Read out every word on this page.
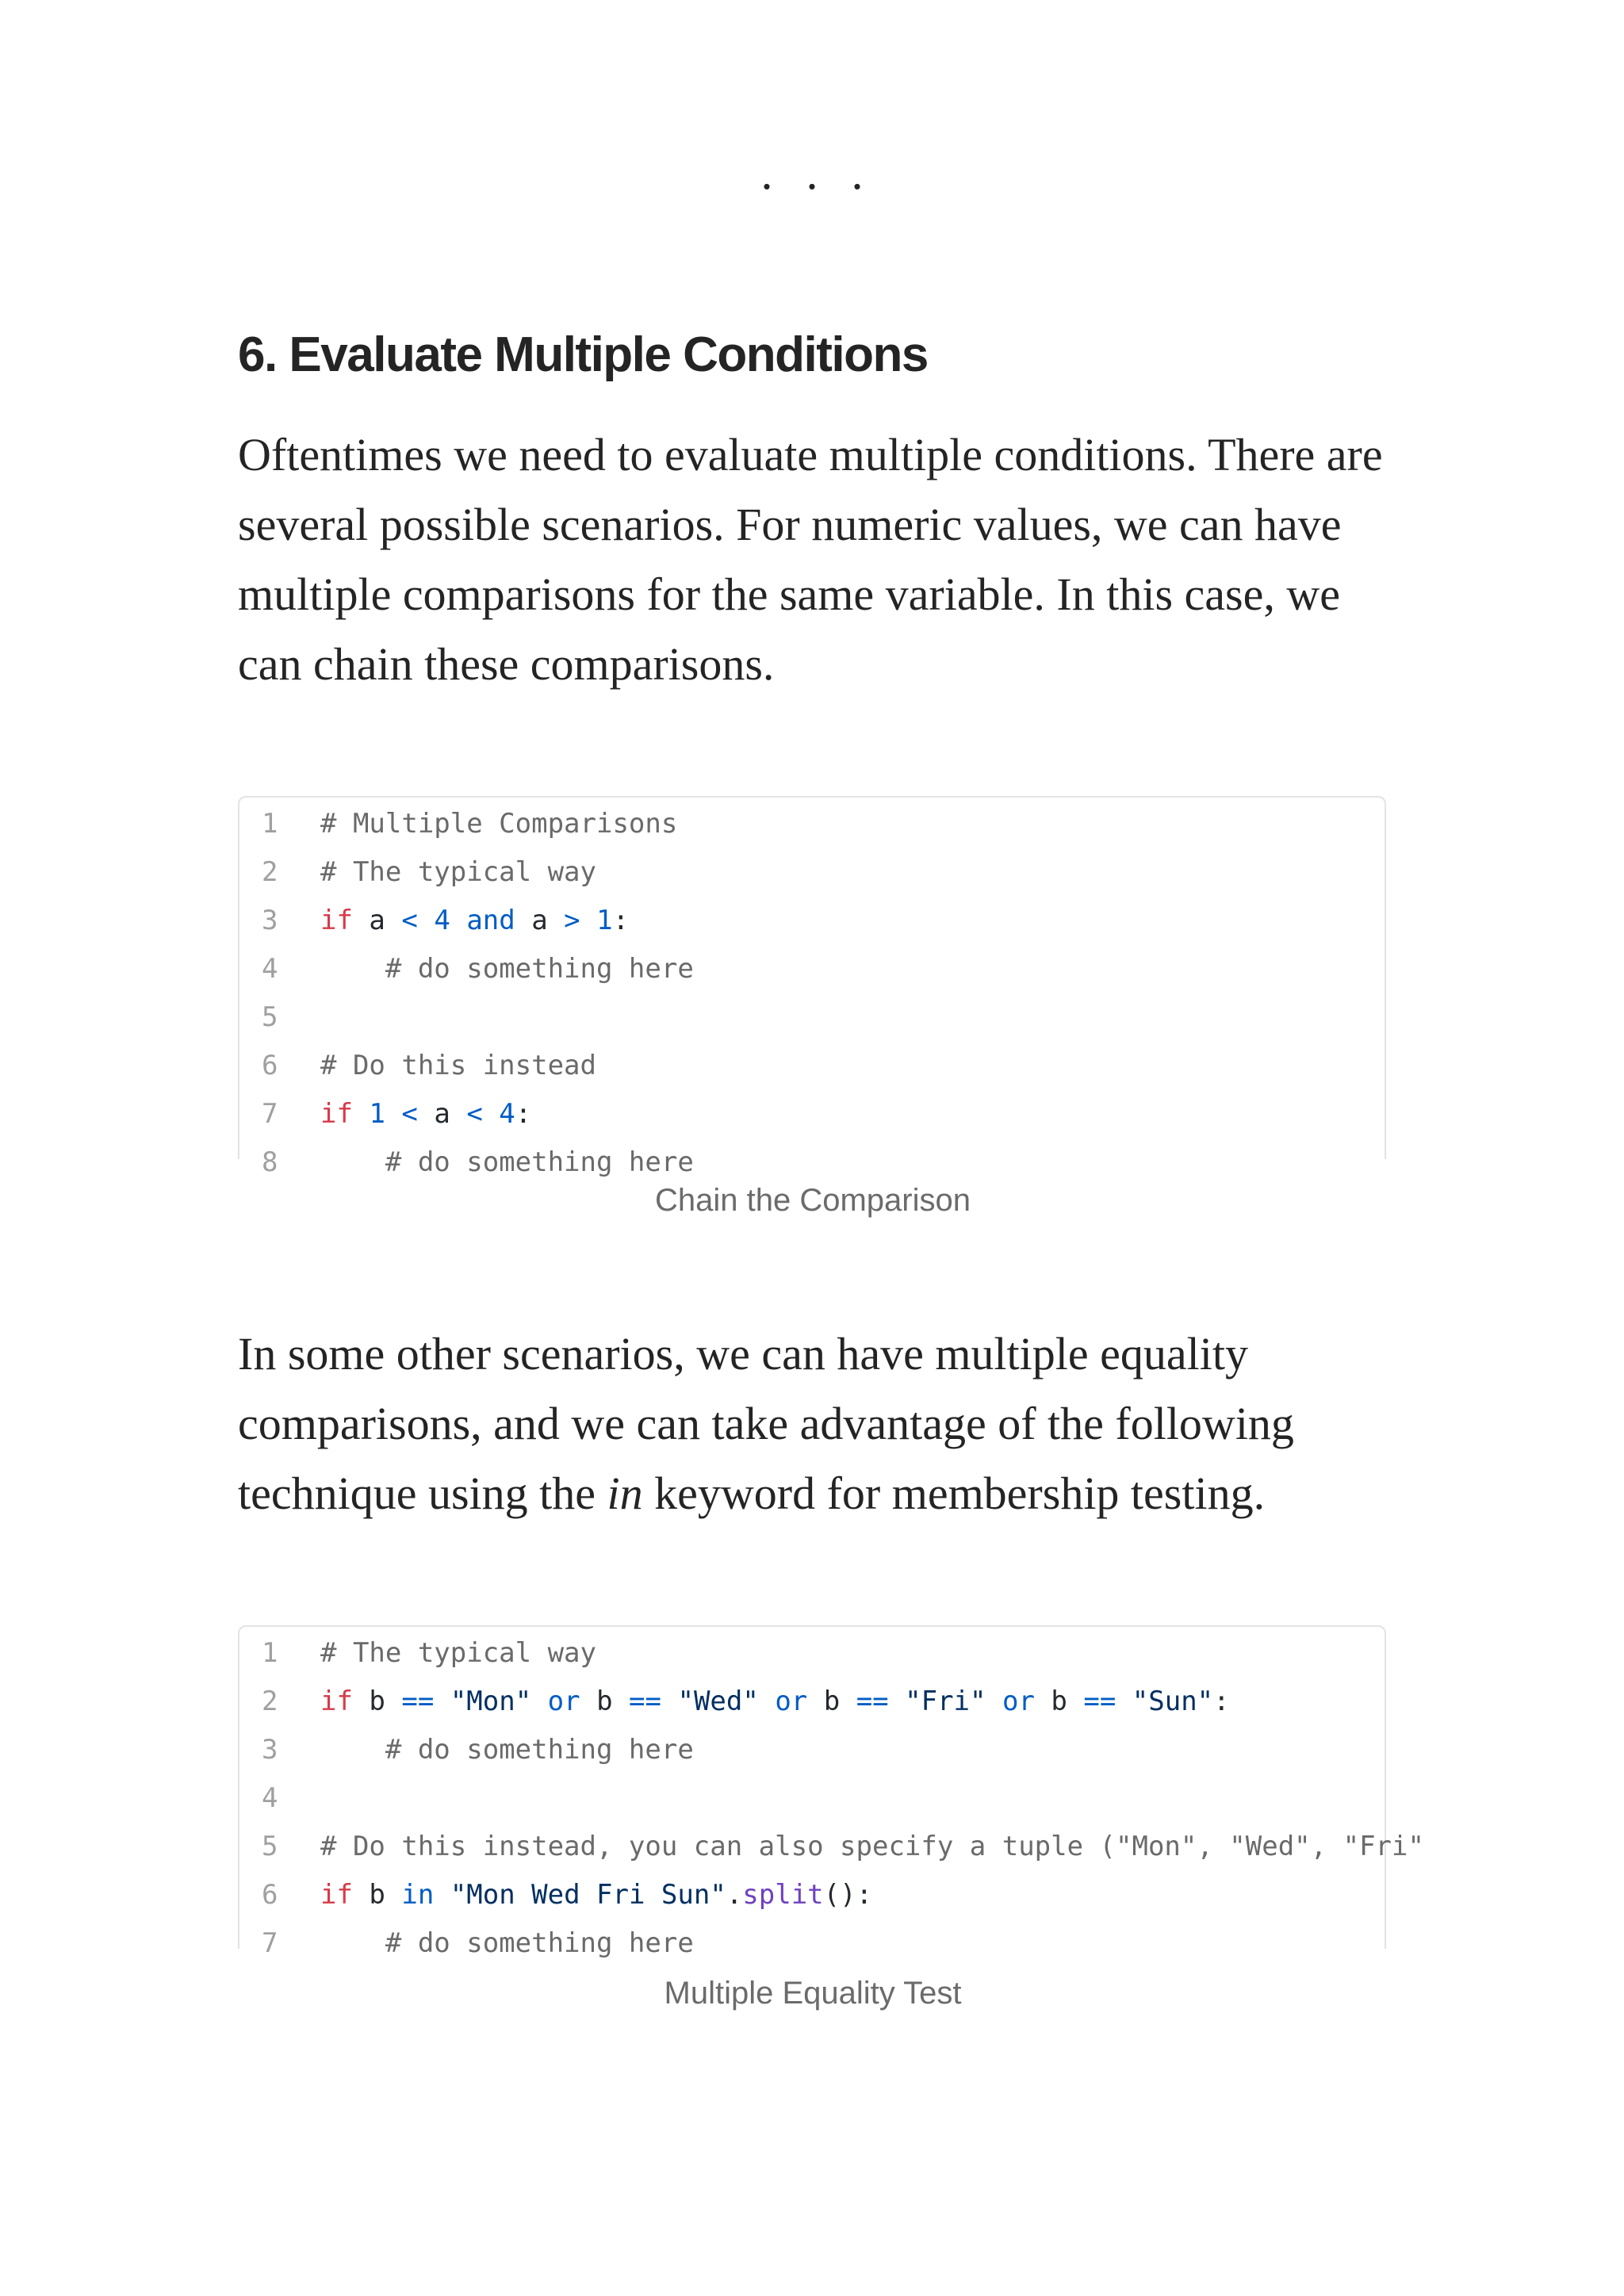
...
6. Evaluate Multiple Conditions

Oftentimes we need to evaluate multiple conditions. There are several possible scenarios. For numeric values, we can have multiple comparisons for the same variable. In this case, we can chain these comparisons.

1	# Multiple Comparisons
2	# The typical way
3	if a < 4 and a > 1:
4	# do something here
5
6	# Do this instead
7	if 1 < a < 4:
8	# do something here
Chain the Comparison

In some other scenarios, we can have multiple equality comparisons, and we can take advantage of the following technique using the in keyword for membership testing.

1	# The typical way
2	if b == "Mon" or b == "Wed" or b == "Fri" or b == "Sun":
3	# do something here
4
5	# Do this instead, you can also specify a tuple ("Mon", "Wed", "Fri"
6	if b in "Mon Wed Fri Sun".split():
7	# do something here
Multiple Equality Test
